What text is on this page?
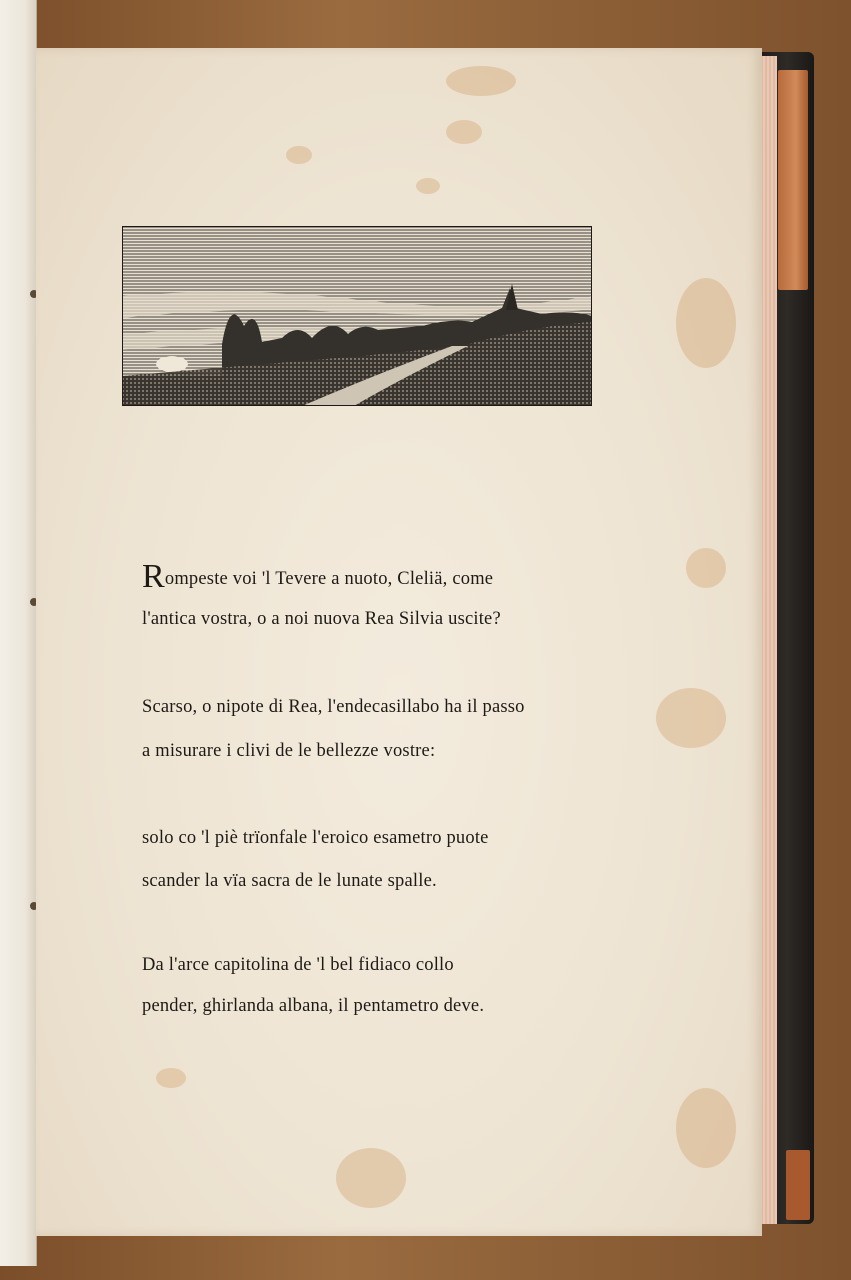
Rompeste voi 'l Tevere a nuoto, Cleliä, come
l'antica vostra, o a noi nuova Rea Silvia uscite?
Scarso, o nipote di Rea, l'endecasillabo ha il passo
a misurare i clivi de le bellezze vostre:
solo co 'l piè trïonfale l'eroico esametro puote
scander la vïa sacra de le lunate spalle.
Da l'arce capitolina de 'l bel fidiaco collo
pender, ghirlanda albana, il pentametro deve.
